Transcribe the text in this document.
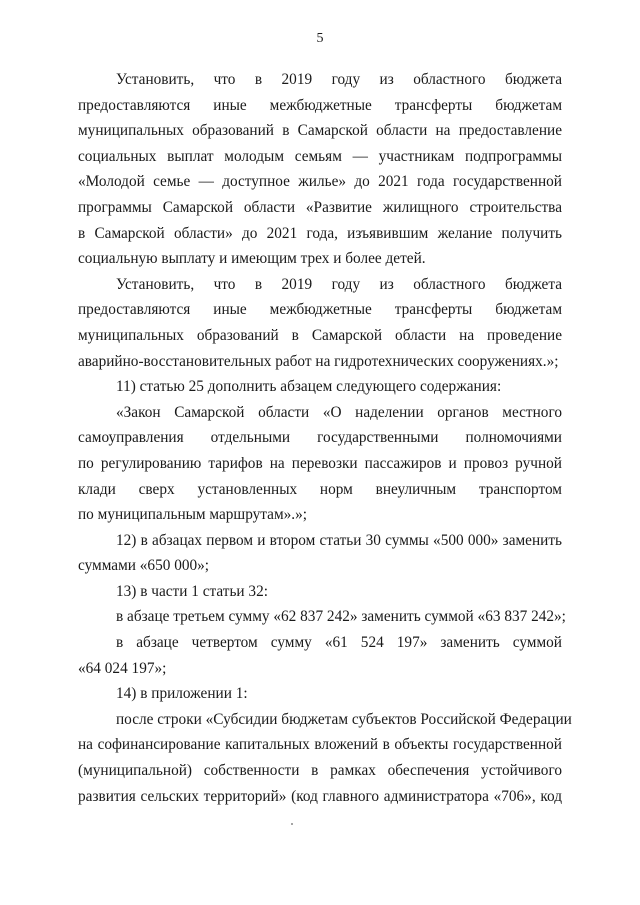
5
Установить, что в 2019 году из областного бюджета
предоставляются иные межбюджетные трансферты бюджетам
муниципальных образований в Самарской области на предоставление
социальных выплат молодым семьям — участникам подпрограммы
«Молодой семье — доступное жилье» до 2021 года государственной
программы Самарской области «Развитие жилищного строительства
в Самарской области» до 2021 года, изъявившим желание получить
социальную выплату и имеющим трех и более детей.
Установить, что в 2019 году из областного бюджета
предоставляются иные межбюджетные трансферты бюджетам
муниципальных образований в Самарской области на проведение
аварийно-восстановительных работ на гидротехнических сооружениях.»;
11) статью 25 дополнить абзацем следующего содержания:
«Закон Самарской области «О наделении органов местного
самоуправления отдельными государственными полномочиями
по регулированию тарифов на перевозки пассажиров и провоз ручной
клади сверх установленных норм внеуличным транспортом
по муниципальным маршрутам».»;
12) в абзацах первом и втором статьи 30 суммы «500 000» заменить
суммами «650 000»;
13) в части 1 статьи 32:
в абзаце третьем сумму «62 837 242» заменить суммой «63 837 242»;
в абзаце четвертом сумму «61 524 197» заменить суммой
«64 024 197»;
14) в приложении 1:
после строки «Субсидии бюджетам субъектов Российской Федерации
на софинансирование капитальных вложений в объекты государственной
(муниципальной) собственности в рамках обеспечения устойчивого
развития сельских территорий» (код главного администратора «706», код
